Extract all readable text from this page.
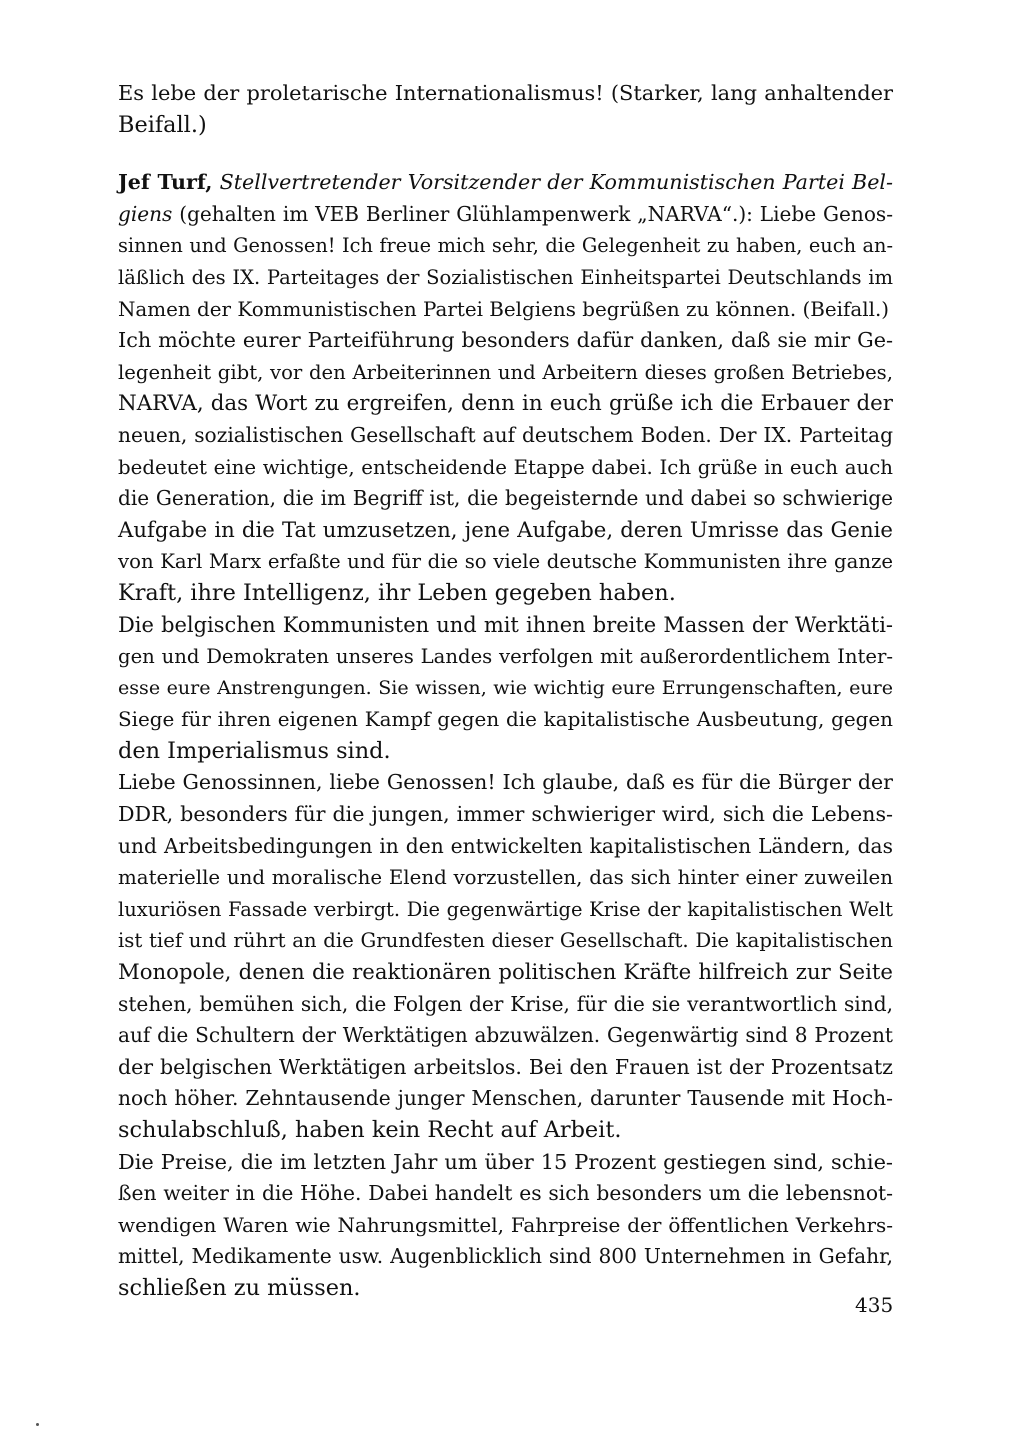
Es lebe der proletarische Internationalismus! (Starker, lang anhaltender
Beifall.)
Jef Turf, Stellvertretender Vorsitzender der Kommunistischen Partei Bel-
giens (gehalten im VEB Berliner Glühlampenwerk „NARVA“.): Liebe Genos-
sinnen und Genossen! Ich freue mich sehr, die Gelegenheit zu haben, euch an-
läßlich des IX. Parteitages der Sozialistischen Einheitspartei Deutschlands im
Namen der Kommunistischen Partei Belgiens begrüßen zu können. (Beifall.)
Ich möchte eurer Parteiführung besonders dafür danken, daß sie mir Ge-
legenheit gibt, vor den Arbeiterinnen und Arbeitern dieses großen Betriebes,
NARVA, das Wort zu ergreifen, denn in euch grüße ich die Erbauer der
neuen, sozialistischen Gesellschaft auf deutschem Boden. Der IX. Parteitag
bedeutet eine wichtige, entscheidende Etappe dabei. Ich grüße in euch auch
die Generation, die im Begriff ist, die begeisternde und dabei so schwierige
Aufgabe in die Tat umzusetzen, jene Aufgabe, deren Umrisse das Genie
von Karl Marx erfaßte und für die so viele deutsche Kommunisten ihre ganze
Kraft, ihre Intelligenz, ihr Leben gegeben haben.
Die belgischen Kommunisten und mit ihnen breite Massen der Werktäti-
gen und Demokraten unseres Landes verfolgen mit außerordentlichem Inter-
esse eure Anstrengungen. Sie wissen, wie wichtig eure Errungenschaften, eure
Siege für ihren eigenen Kampf gegen die kapitalistische Ausbeutung, gegen
den Imperialismus sind.
Liebe Genossinnen, liebe Genossen! Ich glaube, daß es für die Bürger der
DDR, besonders für die jungen, immer schwieriger wird, sich die Lebens-
und Arbeitsbedingungen in den entwickelten kapitalistischen Ländern, das
materielle und moralische Elend vorzustellen, das sich hinter einer zuweilen
luxuriösen Fassade verbirgt. Die gegenwärtige Krise der kapitalistischen Welt
ist tief und rührt an die Grundfesten dieser Gesellschaft. Die kapitalistischen
Monopole, denen die reaktionären politischen Kräfte hilfreich zur Seite
stehen, bemühen sich, die Folgen der Krise, für die sie verantwortlich sind,
auf die Schultern der Werktätigen abzuwälzen. Gegenwärtig sind 8 Prozent
der belgischen Werktätigen arbeitslos. Bei den Frauen ist der Prozentsatz
noch höher. Zehntausende junger Menschen, darunter Tausende mit Hoch-
schulabschluß, haben kein Recht auf Arbeit.
Die Preise, die im letzten Jahr um über 15 Prozent gestiegen sind, schie-
ßen weiter in die Höhe. Dabei handelt es sich besonders um die lebensnot-
wendigen Waren wie Nahrungsmittel, Fahrpreise der öffentlichen Verkehrs-
mittel, Medikamente usw. Augenblicklich sind 800 Unternehmen in Gefahr,
schließen zu müssen.
435
